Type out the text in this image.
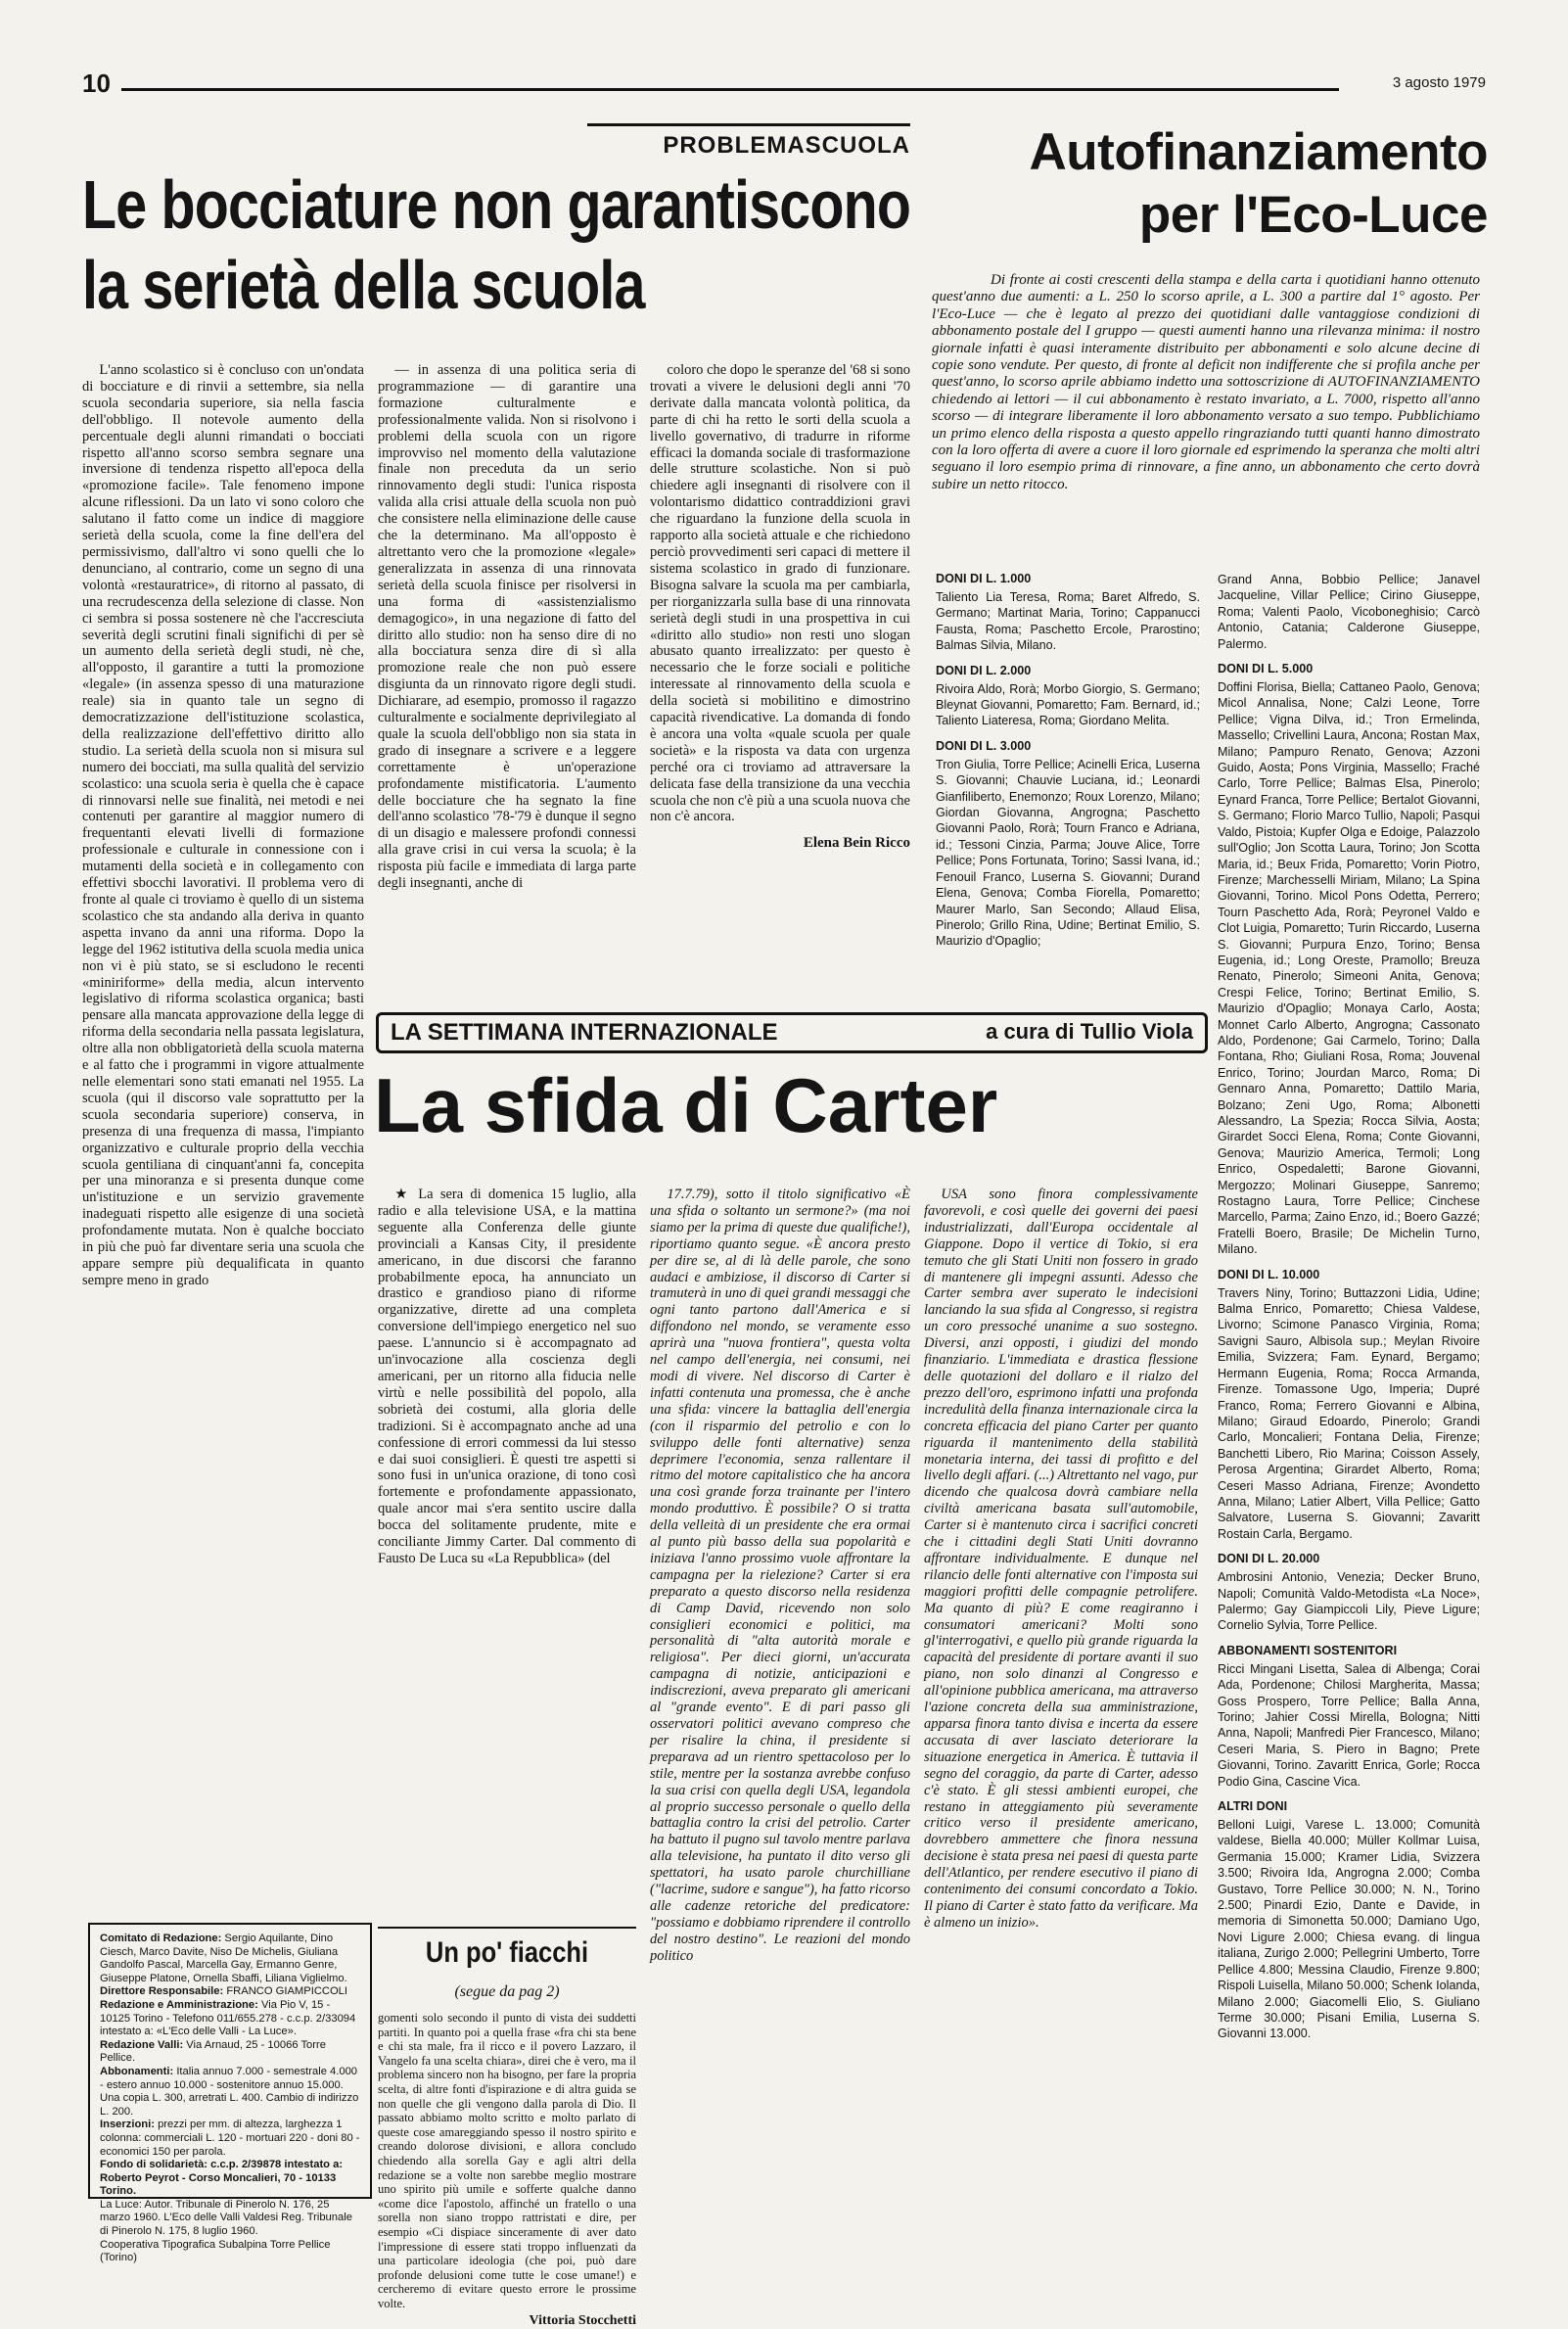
10	3 agosto 1979
PROBLEMASCUOLA
Le bocciature non garantiscono
la serietà della scuola

L'anno scolastico si è concluso con un'ondata di bocciature e di rinvii a settembre, sia nella scuola secondaria superiore, sia nella fascia dell'obbligo. Il notevole aumento della percentuale degli alunni rimandati o bocciati rispetto all'anno scorso sembra segnare una inversione di tendenza rispetto all'epoca della «promozione facile». Tale fenomeno impone alcune riflessioni. Da un lato vi sono coloro che salutano il fatto come un indice di maggiore serietà della scuola, come la fine dell'era del permissivismo, dall'altro vi sono quelli che lo denunciano, al contrario, come un segno di una volontà «restauratrice», di ritorno al passato, di una recrudescenza della selezione di classe. Non ci sembra si possa sostenere nè che l'accresciuta severità degli scrutini finali significhi di per sè un aumento della serietà degli studi, nè che, all'opposto, il garantire a tutti la promozione «legale» (in assenza spesso di una maturazione reale) sia in quanto tale un segno di democratizzazione dell'istituzione scolastica, della realizzazione dell'effettivo diritto allo studio. La serietà della scuola non si misura sul numero dei bocciati, ma sulla qualità del servizio scolastico: una scuola seria è quella che è capace di rinnovarsi nelle sue finalità, nei metodi e nei contenuti per garantire al maggior numero di frequentanti elevati livelli di formazione professionale e culturale in connessione con i mutamenti della società e in collegamento con effettivi sbocchi lavorativi. Il problema vero di fronte al quale ci troviamo è quello di un sistema scolastico che sta andando alla deriva in quanto aspetta invano da anni una riforma. Dopo la legge del 1962 istitutiva della scuola media unica non vi è più stato, se si escludono le recenti «miniriforme» della media, alcun intervento legislativo di riforma scolastica organica; basti pensare alla mancata approvazione della legge di riforma della secondaria nella passata legislatura, oltre alla non obbligatorietà della scuola materna e al fatto che i programmi in vigore attualmente nelle elementari sono stati emanati nel 1955. La scuola (qui il discorso vale soprattutto per la scuola secondaria superiore) conserva, in presenza di una frequenza di massa, l'impianto organizzativo e culturale proprio della vecchia scuola gentiliana di cinquant'anni fa, concepita per una minoranza e si presenta dunque come un'istituzione e un servizio gravemente inadeguati rispetto alle esigenze di una società profondamente mutata. Non è qualche bocciato in più che può far diventare seria una scuola che appare sempre più dequalificata in quanto sempre meno in grado

— in assenza di una politica seria di programmazione — di garantire una formazione culturalmente e professionalmente valida. Non si risolvono i problemi della scuola con un rigore improvviso nel momento della valutazione finale non preceduta da un serio rinnovamento degli studi: l'unica risposta valida alla crisi attuale della scuola non può che consistere nella eliminazione delle cause che la determinano. Ma all'opposto è altrettanto vero che la promozione «legale» generalizzata in assenza di una rinnovata serietà della scuola finisce per risolversi in una forma di «assistenzialismo demagogico», in una negazione di fatto del diritto allo studio: non ha senso dire di no alla bocciatura senza dire di sì alla promozione reale che non può essere disgiunta da un rinnovato rigore degli studi. Dichiarare, ad esempio, promosso il ragazzo culturalmente e socialmente deprivilegiato al quale la scuola dell'obbligo non sia stata in grado di insegnare a scrivere e a leggere correttamente è un'operazione profondamente mistificatoria. L'aumento delle bocciature che ha segnato la fine dell'anno scolastico '78-'79 è dunque il segno di un disagio e malessere profondi connessi alla grave crisi in cui versa la scuola; è la risposta più facile e immediata di larga parte degli insegnanti, anche di

coloro che dopo le speranze del '68 si sono trovati a vivere le delusioni degli anni '70 derivate dalla mancata volontà politica, da parte di chi ha retto le sorti della scuola a livello governativo, di tradurre in riforme efficaci la domanda sociale di trasformazione delle strutture scolastiche. Non si può chiedere agli insegnanti di risolvere con il volontarismo didattico contraddizioni gravi che riguardano la funzione della scuola in rapporto alla società attuale e che richiedono perciò provvedimenti seri capaci di mettere il sistema scolastico in grado di funzionare. Bisogna salvare la scuola ma per cambiarla, per riorganizzarla sulla base di una rinnovata serietà degli studi in una prospettiva in cui «diritto allo studio» non resti uno slogan abusato quanto irrealizzato: per questo è necessario che le forze sociali e politiche interessate al rinnovamento della scuola e della società si mobilitino e dimostrino capacità rivendicative. La domanda di fondo è ancora una volta «quale scuola per quale società» e la risposta va data con urgenza perché ora ci troviamo ad attraversare la delicata fase della transizione da una vecchia scuola che non c'è più a una scuola nuova che non c'è ancora.

Elena Bein Ricco
Autofinanziamento
per l'Eco-Luce
Di fronte ai costi crescenti della stampa e della carta i quotidiani hanno ottenuto quest'anno due aumenti: a L. 250 lo scorso aprile, a L. 300 a partire dal 1° agosto. Per l'Eco-Luce — che è legato al prezzo dei quotidiani dalle vantaggiose condizioni di abbonamento postale del I gruppo — questi aumenti hanno una rilevanza minima: il nostro giornale infatti è quasi interamente distribuito per abbonamenti e solo alcune decine di copie sono vendute. Per questo, di fronte al deficit non indifferente che si profila anche per quest'anno, lo scorso aprile abbiamo indetto una sottoscrizione di AUTOFINANZIAMENTO chiedendo ai lettori — il cui abbonamento è restato invariato, a L. 7000, rispetto all'anno scorso — di integrare liberamente il loro abbonamento versato a suo tempo. Pubblichiamo un primo elenco della risposta a questo appello ringraziando tutti quanti hanno dimostrato con la loro offerta di avere a cuore il loro giornale ed esprimendo la speranza che molti altri seguano il loro esempio prima di rinnovare, a fine anno, un abbonamento che certo dovrà subire un netto ritocco.
DONI DI L. 1.000
Taliento Lia Teresa, Roma; Baret Alfredo, S. Germano; Martinat Maria, Torino; Cappanucci Fausta, Roma; Paschetto Ercole, Prarostino; Balmas Silvia, Milano.
DONI DI L. 2.000
Rivoira Aldo, Rorà; Morbo Giorgio, S. Germano; Bleynat Giovanni, Pomaretto; Fam. Bernard, id.; Taliento Liateresa, Roma; Giordano Melita.
DONI DI L. 3.000
Tron Giulia, Torre Pellice; Acinelli Erica, Luserna S. Giovanni; Chauvie Luciana, id.; Leonardi Gianfiliberto, Enemonzo; Roux Lorenzo, Milano; Giordan Giovanna, Angrogna; Paschetto Giovanni Paolo, Rorà; Tourn Franco e Adriana, id.; Tessoni Cinzia, Parma; Jouve Alice, Torre Pellice; Pons Fortunata, Torino; Sassi Ivana, id.; Fenouil Franco, Luserna S. Giovanni; Durand Elena, Genova; Comba Fiorella, Pomaretto; Maurer Marlo, San Secondo; Allaud Elisa, Pinerolo; Grillo Rina, Udine; Bertinat Emilio, S. Maurizio d'Opaglio;
Grand Anna, Bobbio Pellice; Janavel Jacqueline, Villar Pellice; Cirino Giuseppe, Roma; Valenti Paolo, Vicoboneghisio; Carcò Antonio, Catania; Calderone Giuseppe, Palermo.
DONI DI L. 5.000
Doffini Florisa, Biella; Cattaneo Paolo, Genova; Micol Annalisa, None; Calzi Leone, Torre Pellice; Vigna Dilva, id.; Tron Ermelinda, Massello; Crivellini Laura, Ancona; Rostan Max, Milano; Pampuro Renato, Genova; Azzoni Guido, Aosta; Pons Virginia, Massello; Fraché Carlo, Torre Pellice; Balmas Elsa, Pinerolo; Eynard Franca, Torre Pellice; Bertalot Giovanni, S. Germano; Florio Marco Tullio, Napoli; Pasqui Valdo, Pistoia; Kupfer Olga e Edoige, Palazzolo sull'Oglio; Jon Scotta Laura, Torino; Jon Scotta Maria, id.; Beux Frida, Pomaretto; Vorin Piotro, Firenze; Marchesselli Miriam, Milano; La Spina Giovanni, Torino. Micol Pons Odetta, Perrero; Tourn Paschetto Ada, Rorà; Peyronel Valdo e Clot Luigia, Pomaretto; Turin Riccardo, Luserna S. Giovanni; Purpura Enzo, Torino; Bensa Eugenia, id.; Long Oreste, Pramollo; Breuza Renato, Pinerolo; Simeoni Anita, Genova; Crespi Felice, Torino; Bertinat Emilio, S. Maurizio d'Opaglio; Monaya Carlo, Aosta; Monnet Carlo Alberto, Angrogna; Cassonato Aldo, Pordenone; Gai Carmelo, Torino; Dalla Fontana, Rho; Giuliani Rosa, Roma; Jouvenal Enrico, Torino; Jourdan Marco, Roma; Di Gennaro Anna, Pomaretto; Dattilo Maria, Bolzano; Zeni Ugo, Roma; Albonetti Alessandro, La Spezia; Rocca Silvia, Aosta; Girardet Socci Elena, Roma; Conte Giovanni, Genova; Maurizio America, Termoli; Long Enrico, Ospedaletti; Barone Giovanni, Mergozzo; Molinari Giuseppe, Sanremo; Rostagno Laura, Torre Pellice; Cinchese Marcello, Parma; Zaino Enzo, id.; Boero Gazzé; Fratelli Boero, Brasile; De Michelin Turno, Milano.
DONI DI L. 10.000
Travers Niny, Torino; Buttazzoni Lidia, Udine; Balma Enrico, Pomaretto; Chiesa Valdese, Livorno; Scimone Panasco Virginia, Roma; Savigni Sauro, Albisola sup.; Meylan Rivoire Emilia, Svizzera; Fam. Eynard, Bergamo; Hermann Eugenia, Roma; Rocca Armanda, Firenze. Tomassone Ugo, Imperia; Dupré Franco, Roma; Ferrero Giovanni e Albina, Milano; Giraud Edoardo, Pinerolo; Grandi Carlo, Moncalieri; Fontana Delia, Firenze; Banchetti Libero, Rio Marina; Coisson Assely, Perosa Argentina; Girardet Alberto, Roma; Ceseri Masso Adriana, Firenze; Avondetto Anna, Milano; Latier Albert, Villa Pellice; Gatto Salvatore, Luserna S. Giovanni; Zavaritt Rostain Carla, Bergamo.
DONI DI L. 20.000
Ambrosini Antonio, Venezia; Decker Bruno, Napoli; Comunità Valdo-Metodista «La Noce», Palermo; Gay Giampiccoli Lily, Pieve Ligure; Cornelio Sylvia, Torre Pellice.
ABBONAMENTI SOSTENITORI
Ricci Mingani Lisetta, Salea di Albenga; Corai Ada, Pordenone; Chilosi Margherita, Massa; Goss Prospero, Torre Pellice; Balla Anna, Torino; Jahier Cossi Mirella, Bologna; Nitti Anna, Napoli; Manfredi Pier Francesco, Milano; Ceseri Maria, S. Piero in Bagno; Prete Giovanni, Torino. Zavaritt Enrica, Gorle; Rocca Podio Gina, Cascine Vica.
ALTRI DONI
Belloni Luigi, Varese L. 13.000; Comunità valdese, Biella 40.000; Müller Kollmar Luisa, Germania 15.000; Kramer Lidia, Svizzera 3.500; Rivoira Ida, Angrogna 2.000; Comba Gustavo, Torre Pellice 30.000; N. N., Torino 2.500; Pinardi Ezio, Dante e Davide, in memoria di Simonetta 50.000; Damiano Ugo, Novi Ligure 2.000; Chiesa evang. di lingua italiana, Zurigo 2.000; Pellegrini Umberto, Torre Pellice 4.800; Messina Claudio, Firenze 9.800; Rispoli Luisella, Milano 50.000; Schenk Iolanda, Milano 2.000; Giacomelli Elio, S. Giuliano Terme 30.000; Pisani Emilia, Luserna S. Giovanni 13.000.
LA SETTIMANA INTERNAZIONALE	a cura di Tullio Viola
La sfida di Carter

★ La sera di domenica 15 luglio, alla radio e alla televisione USA, e la mattina seguente alla Conferenza delle giunte provinciali a Kansas City, il presidente americano, in due discorsi che faranno probabilmente epoca, ha annunciato un drastico e grandioso piano di riforme organizzative, dirette ad una completa conversione dell'impiego energetico nel suo paese. L'annuncio si è accompagnato ad un'invocazione alla coscienza degli americani, per un ritorno alla fiducia nelle virtù e nelle possibilità del popolo, alla sobrietà dei costumi, alla gloria delle tradizioni. Si è accompagnato anche ad una confessione di errori commessi da lui stesso e dai suoi consiglieri. È questi tre aspetti si sono fusi in un'unica orazione, di tono così fortemente e profondamente appassionato, quale ancor mai s'era sentito uscire dalla bocca del solitamente prudente, mite e conciliante Jimmy Carter. Dal commento di Fausto De Luca su «La Repubblica» (del

17.7.79), sotto il titolo significativo «È una sfida o soltanto un sermone?» (ma noi siamo per la prima di queste due qualifiche!), riportiamo quanto segue. «È ancora presto per dire se, al di là delle parole, che sono audaci e ambiziose, il discorso di Carter si tramuterà in uno di quei grandi messaggi che ogni tanto partono dall'America e si diffondono nel mondo, se veramente esso aprirà una "nuova frontiera", questa volta nel campo dell'energia, nei consumi, nei modi di vivere. Nel discorso di Carter è infatti contenuta una promessa, che è anche una sfida: vincere la battaglia dell'energia (con il risparmio del petrolio e con lo sviluppo delle fonti alternative) senza deprimere l'economia, senza rallentare il ritmo del motore capitalistico che ha ancora una così grande forza trainante per l'intero mondo produttivo. È possibile? O si tratta della velleità di un presidente che era ormai al punto più basso della sua popolarità e iniziava l'anno prossimo vuole affrontare la campagna per la rielezione? Carter si era preparato a questo discorso nella residenza di Camp David, ricevendo non solo consiglieri economici e politici, ma personalità di "alta autorità morale e religiosa". Per dieci giorni, un'accurata campagna di notizie, anticipazioni e indiscrezioni, aveva preparato gli americani al "grande evento". E di pari passo gli osservatori politici avevano compreso che per risalire la china, il presidente si preparava ad un rientro spettacoloso per lo stile, mentre per la sostanza avrebbe confuso la sua crisi con quella degli USA, legandola al proprio successo personale o quello della battaglia contro la crisi del petrolio. Carter ha battuto il pugno sul tavolo mentre parlava alla televisione, ha puntato il dito verso gli spettatori, ha usato parole churchilliane ("lacrime, sudore e sangue"), ha fatto ricorso alle cadenze retoriche del predicatore: "possiamo e dobbiamo riprendere il controllo del nostro destino". Le reazioni del mondo politico

USA sono finora complessivamente favorevoli, e così quelle dei governi dei paesi industrializzati, dall'Europa occidentale al Giappone. Dopo il vertice di Tokio, si era temuto che gli Stati Uniti non fossero in grado di mantenere gli impegni assunti. Adesso che Carter sembra aver superato le indecisioni lanciando la sua sfida al Congresso, si registra un coro pressoché unanime a suo sostegno. Diversi, anzi opposti, i giudizi del mondo finanziario. L'immediata e drastica flessione delle quotazioni del dollaro e il rialzo del prezzo dell'oro, esprimono infatti una profonda incredulità della finanza internazionale circa la concreta efficacia del piano Carter per quanto riguarda il mantenimento della stabilità monetaria interna, dei tassi di profitto e del livello degli affari. (...) Altrettanto nel vago, pur dicendo che qualcosa dovrà cambiare nella civiltà americana basata sull'automobile, Carter si è mantenuto circa i sacrifici concreti che i cittadini degli Stati Uniti dovranno affrontare individualmente. E dunque nel rilancio delle fonti alternative con l'imposta sui maggiori profitti delle compagnie petrolifere. Ma quanto di più? E come reagiranno i consumatori americani? Molti sono gl'interrogativi, e quello più grande riguarda la capacità del presidente di portare avanti il suo piano, non solo dinanzi al Congresso e all'opinione pubblica americana, ma attraverso l'azione concreta della sua amministrazione, apparsa finora tanto divisa e incerta da essere accusata di aver lasciato deteriorare la situazione energetica in America. È tuttavia il segno del coraggio, da parte di Carter, adesso c'è stato. È gli stessi ambienti europei, che restano in atteggiamento più severamente critico verso il presidente americano, dovrebbero ammettere che finora nessuna decisione è stata presa nei paesi di questa parte dell'Atlantico, per rendere esecutivo il piano di contenimento dei consumi concordato a Tokio. Il piano di Carter è stato fatto da verificare. Ma è almeno un inizio».

Comitato di Redazione: Sergio Aquilante, Dino Ciesch, Marco Davite, Niso De Michelis, Giuliana Gandolfo Pascal, Marcella Gay, Ermanno Genre, Giuseppe Platone, Ornella Sbaffi, Liliana Viglielmo.
Direttore Responsabile: FRANCO GIAMPICCOLI
Redazione e Amministrazione: Via Pio V, 15 - 10125 Torino - Telefono 011/655.278 - c.c.p. 2/33094 intestato a: «L'Eco delle Valli - La Luce».
Redazione Valli: Via Arnaud, 25 - 10066 Torre Pellice.
Abbonamenti: Italia annuo 7.000 - semestrale 4.000 - estero annuo 10.000 - sostenitore annuo 15.000. Una copia L. 300, arretrati L. 400. Cambio di indirizzo L. 200.
Inserzioni: prezzi per mm. di altezza, larghezza 1 colonna: commerciali L. 120 - mortuari 220 - doni 80 - economici 150 per parola.
Fondo di solidarietà: c.c.p. 2/39878 intestato a: Roberto Peyrot - Corso Moncalieri, 70 - 10133 Torino.
La Luce: Autor. Tribunale di Pinerolo N. 176, 25 marzo 1960. L'Eco delle Valli Valdesi Reg. Tribunale di Pinerolo N. 175, 8 luglio 1960.
Cooperativa Tipografica Subalpina Torre Pellice (Torino)
Un po' fiacchi
(segue da pag 2)
gomenti solo secondo il punto di vista dei suddetti partiti. In quanto poi a quella frase «fra chi sta bene e chi sta male, fra il ricco e il povero Lazzaro, il Vangelo fa una scelta chiara», direi che è vero, ma il problema sincero non ha bisogno, per fare la propria scelta, di altre fonti d'ispirazione e di altra guida se non quelle che gli vengono dalla parola di Dio. Il passato abbiamo molto scritto e molto parlato di queste cose amareggiando spesso il nostro spirito e creando dolorose divisioni, e allora concludo chiedendo alla sorella Gay e agli altri della redazione se a volte non sarebbe meglio mostrare uno spirito più umile e sofferte qualche danno «come dice l'apostolo, affinché un fratello o una sorella non siano troppo rattristati e dire, per esempio «Ci dispiace sinceramente di aver dato l'impressione di essere stati troppo influenzati da una particolare ideologia (che poi, può dare profonde delusioni come tutte le cose umane!) e cercheremo di evitare questo errore le prossime volte.
Vittoria Stocchetti
